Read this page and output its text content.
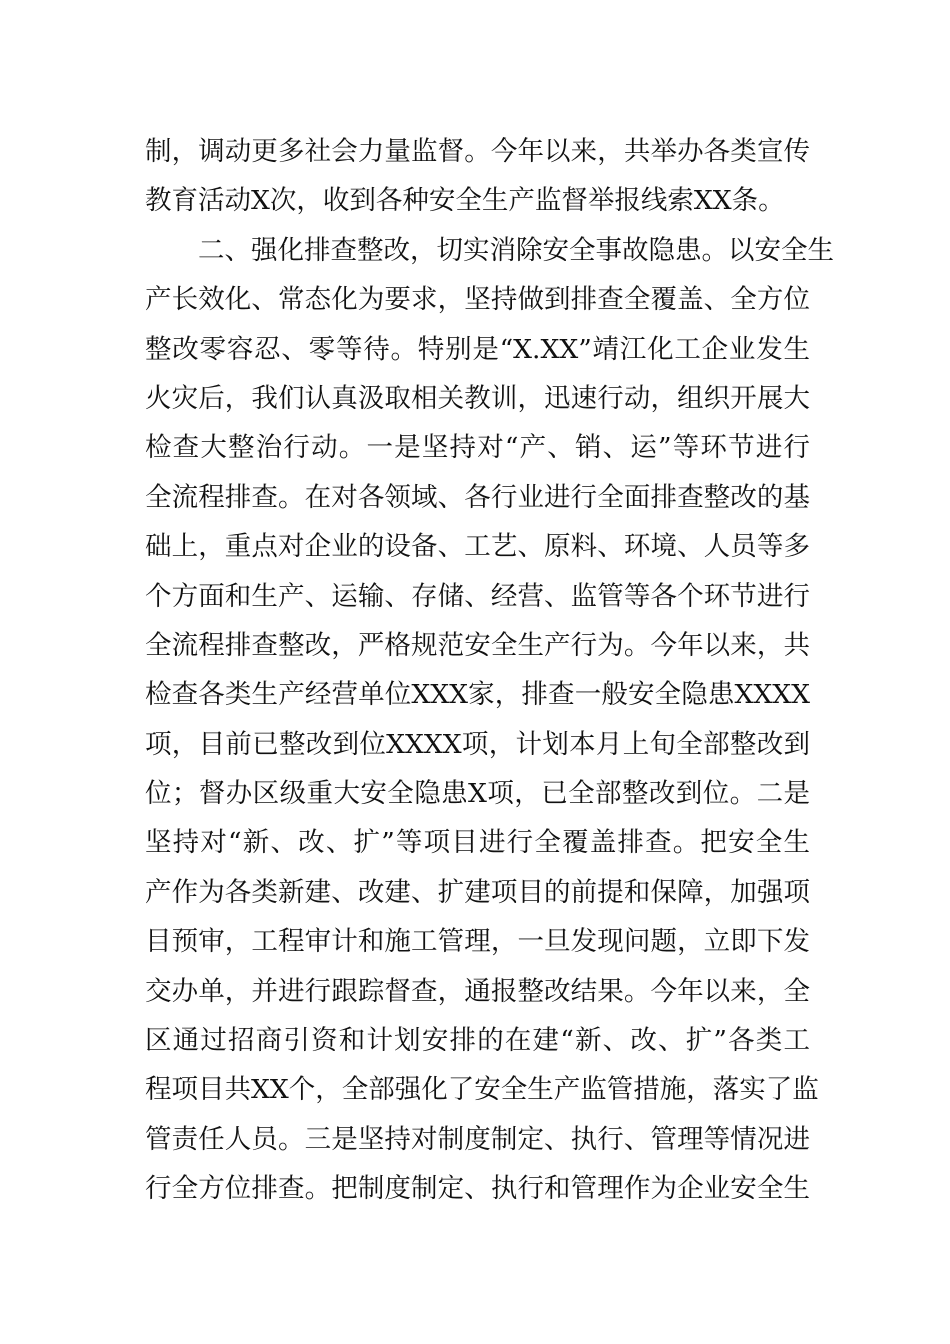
制，调动更多社会力量监督。今年以来，共举办各类宣传
教育活动X次，收到各种安全生产监督举报线索XX条。
二、强化排查整改，切实消除安全事故隐患。以安全生
产长效化、常态化为要求，坚持做到排查全覆盖、全方位
整改零容忍、零等待。特别是“X.XX”靖江化工企业发生
火灾后，我们认真汲取相关教训，迅速行动，组织开展大
检查大整治行动。一是坚持对“产、销、运”等环节进行
全流程排查。在对各领域、各行业进行全面排查整改的基
础上，重点对企业的设备、工艺、原料、环境、人员等多
个方面和生产、运输、存储、经营、监管等各个环节进行
全流程排查整改，严格规范安全生产行为。今年以来，共
检查各类生产经营单位XXX家，排查一般安全隐患XXXX
项，目前已整改到位XXXX项，计划本月上旬全部整改到
位；督办区级重大安全隐患X项，已全部整改到位。二是
坚持对“新、改、扩”等项目进行全覆盖排查。把安全生
产作为各类新建、改建、扩建项目的前提和保障，加强项
目预审，工程审计和施工管理，一旦发现问题，立即下发
交办单，并进行跟踪督查，通报整改结果。今年以来，全
区通过招商引资和计划安排的在建“新、改、扩”各类工
程项目共XX个，全部强化了安全生产监管措施，落实了监
管责任人员。三是坚持对制度制定、执行、管理等情况进
行全方位排查。把制度制定、执行和管理作为企业安全生
